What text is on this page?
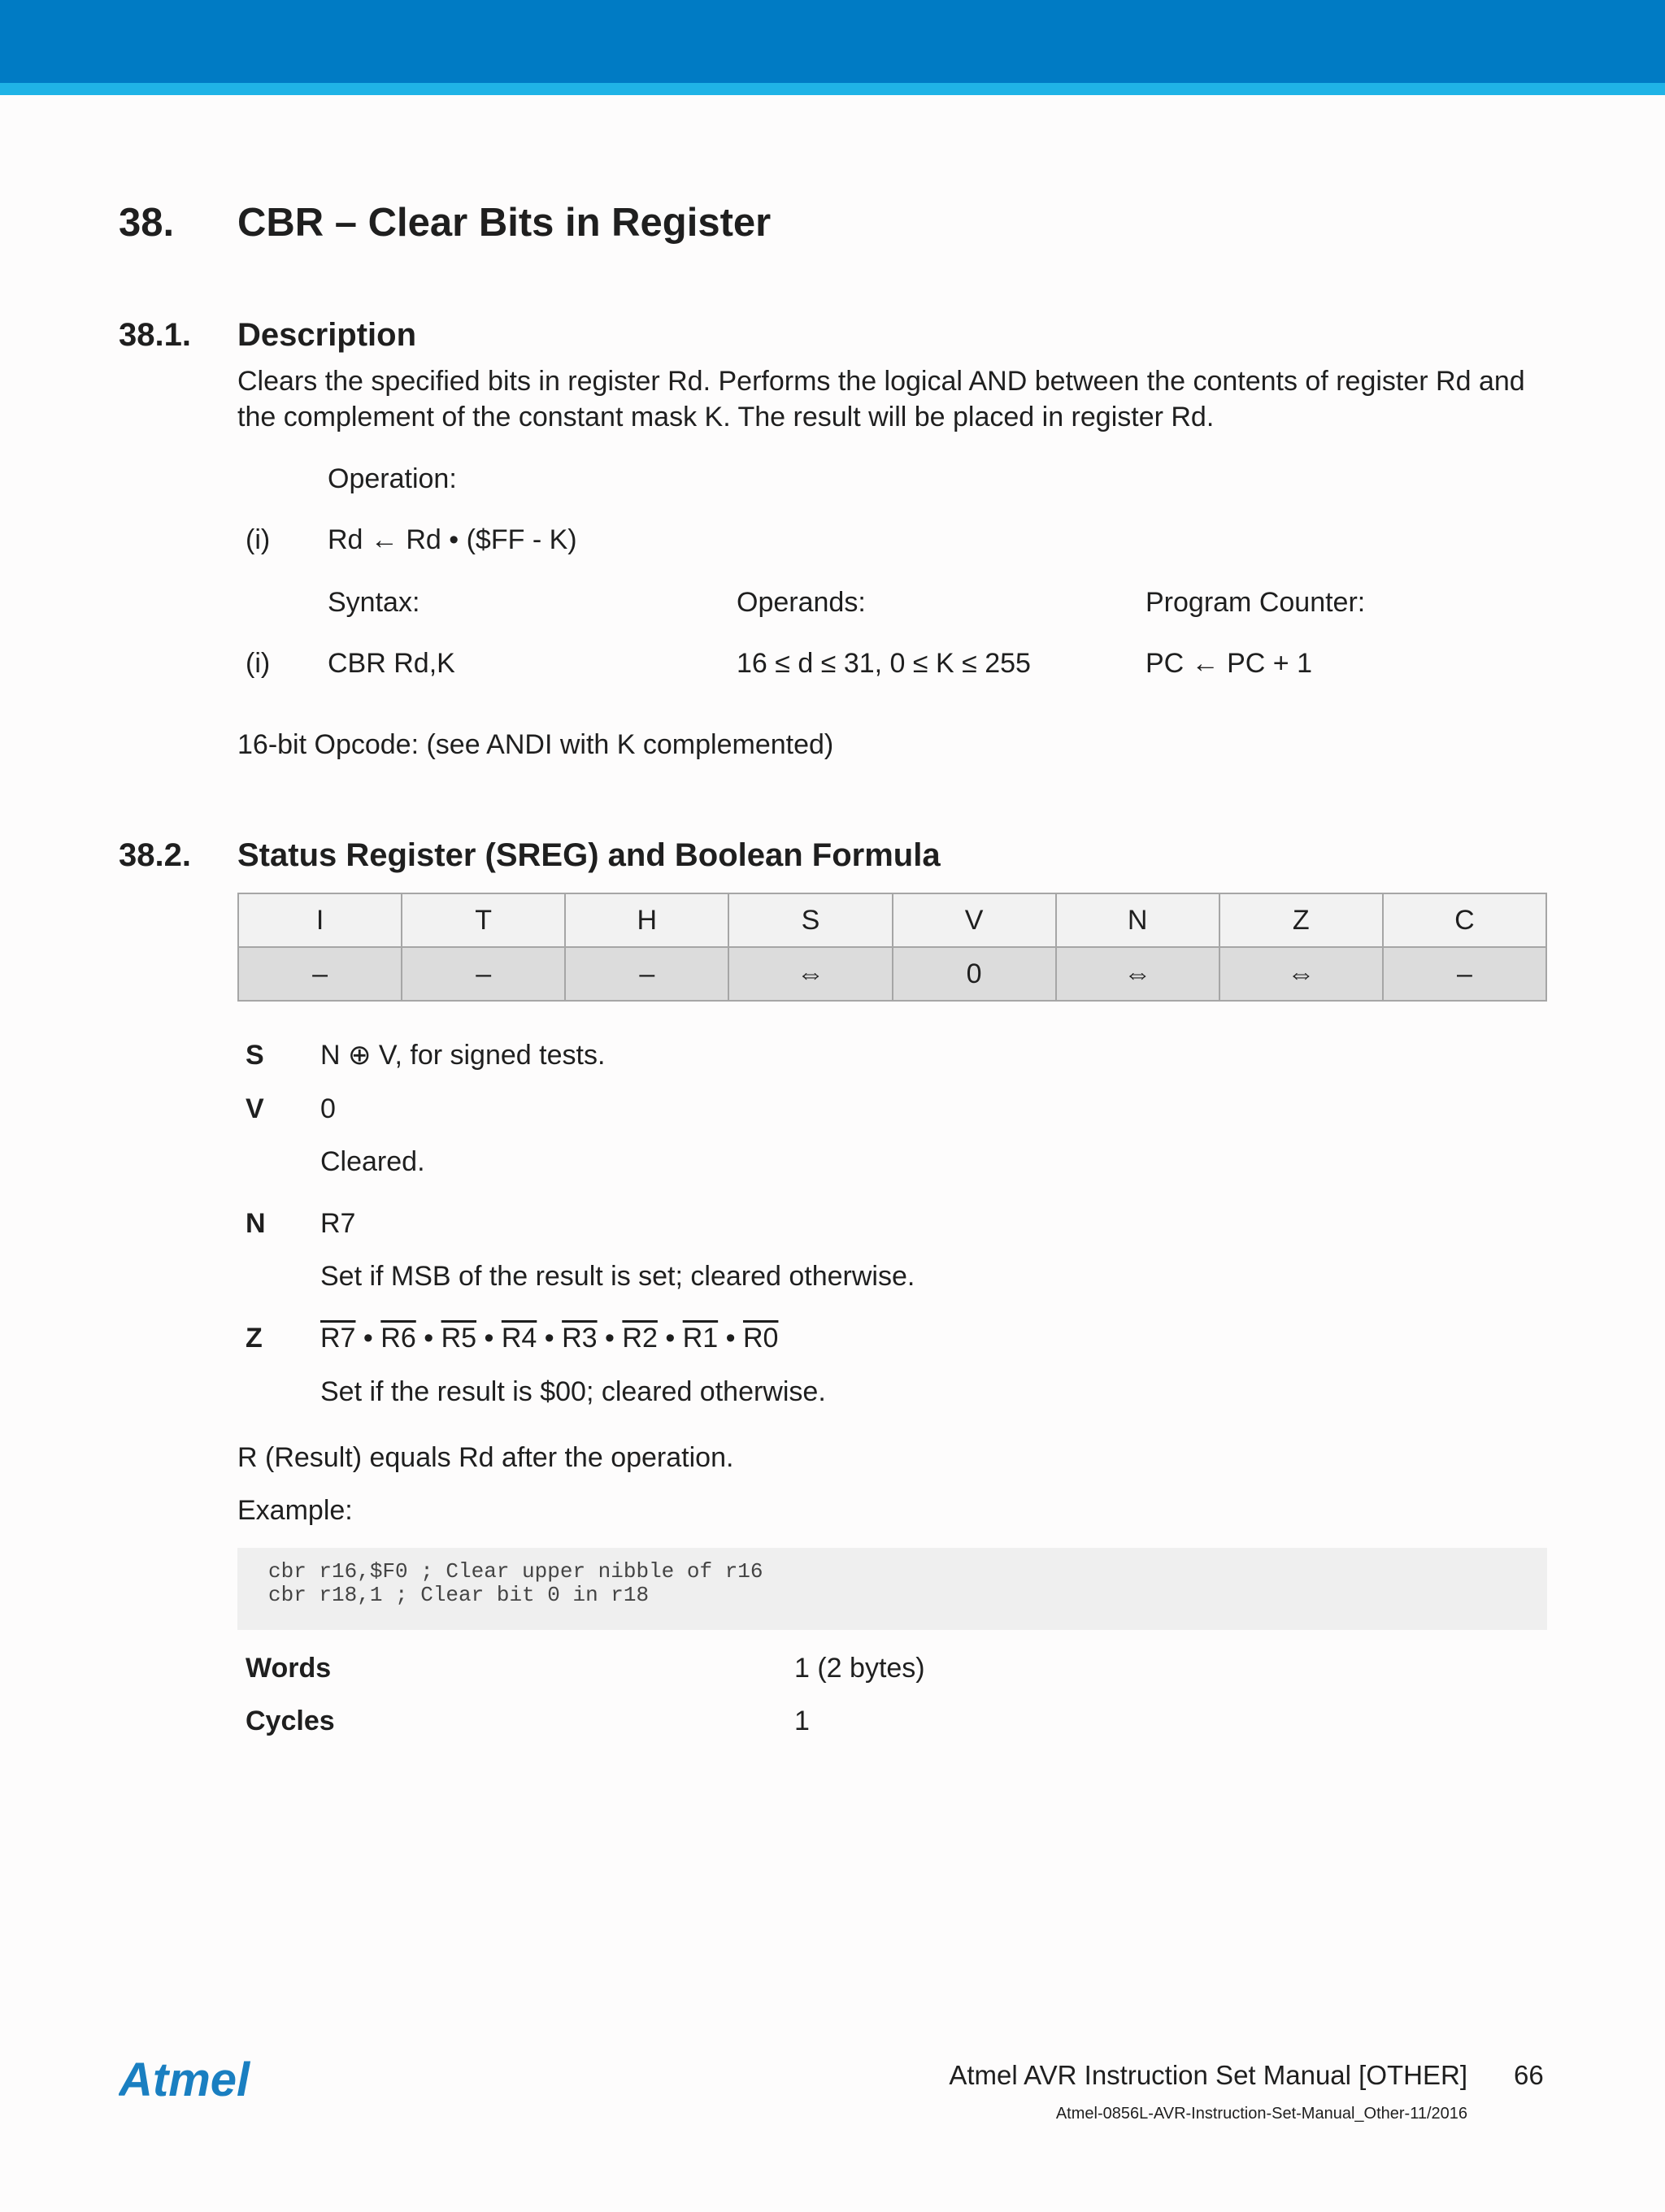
38. CBR – Clear Bits in Register
38.1. Description
Clears the specified bits in register Rd. Performs the logical AND between the contents of register Rd and
the complement of the constant mask K. The result will be placed in register Rd.
Operation:
(i) Rd ← Rd • ($FF - K)
Syntax:	Operands:	Program Counter:
(i) CBR Rd,K	16 ≤ d ≤ 31, 0 ≤ K ≤ 255	PC ← PC + 1
16-bit Opcode: (see ANDI with K complemented)
38.2. Status Register (SREG) and Boolean Formula
I	T	H	S	V	N	Z	C
–	–	–	⇔	0	⇔	⇔	–
S N ⊕ V, for signed tests.
V 0
Cleared.
N R7
Set if MSB of the result is set; cleared otherwise.
Z R7 • R6 • R5 • R4 • R3 • R2 • R1 • R0
Set if the result is $00; cleared otherwise.
R (Result) equals Rd after the operation.
Example:
cbr r16,$F0 ; Clear upper nibble of r16
cbr r18,1 ; Clear bit 0 in r18
Words	1 (2 bytes)
Cycles	1
Atmel	Atmel AVR Instruction Set Manual [OTHER] 66
Atmel-0856L-AVR-Instruction-Set-Manual_Other-11/2016
